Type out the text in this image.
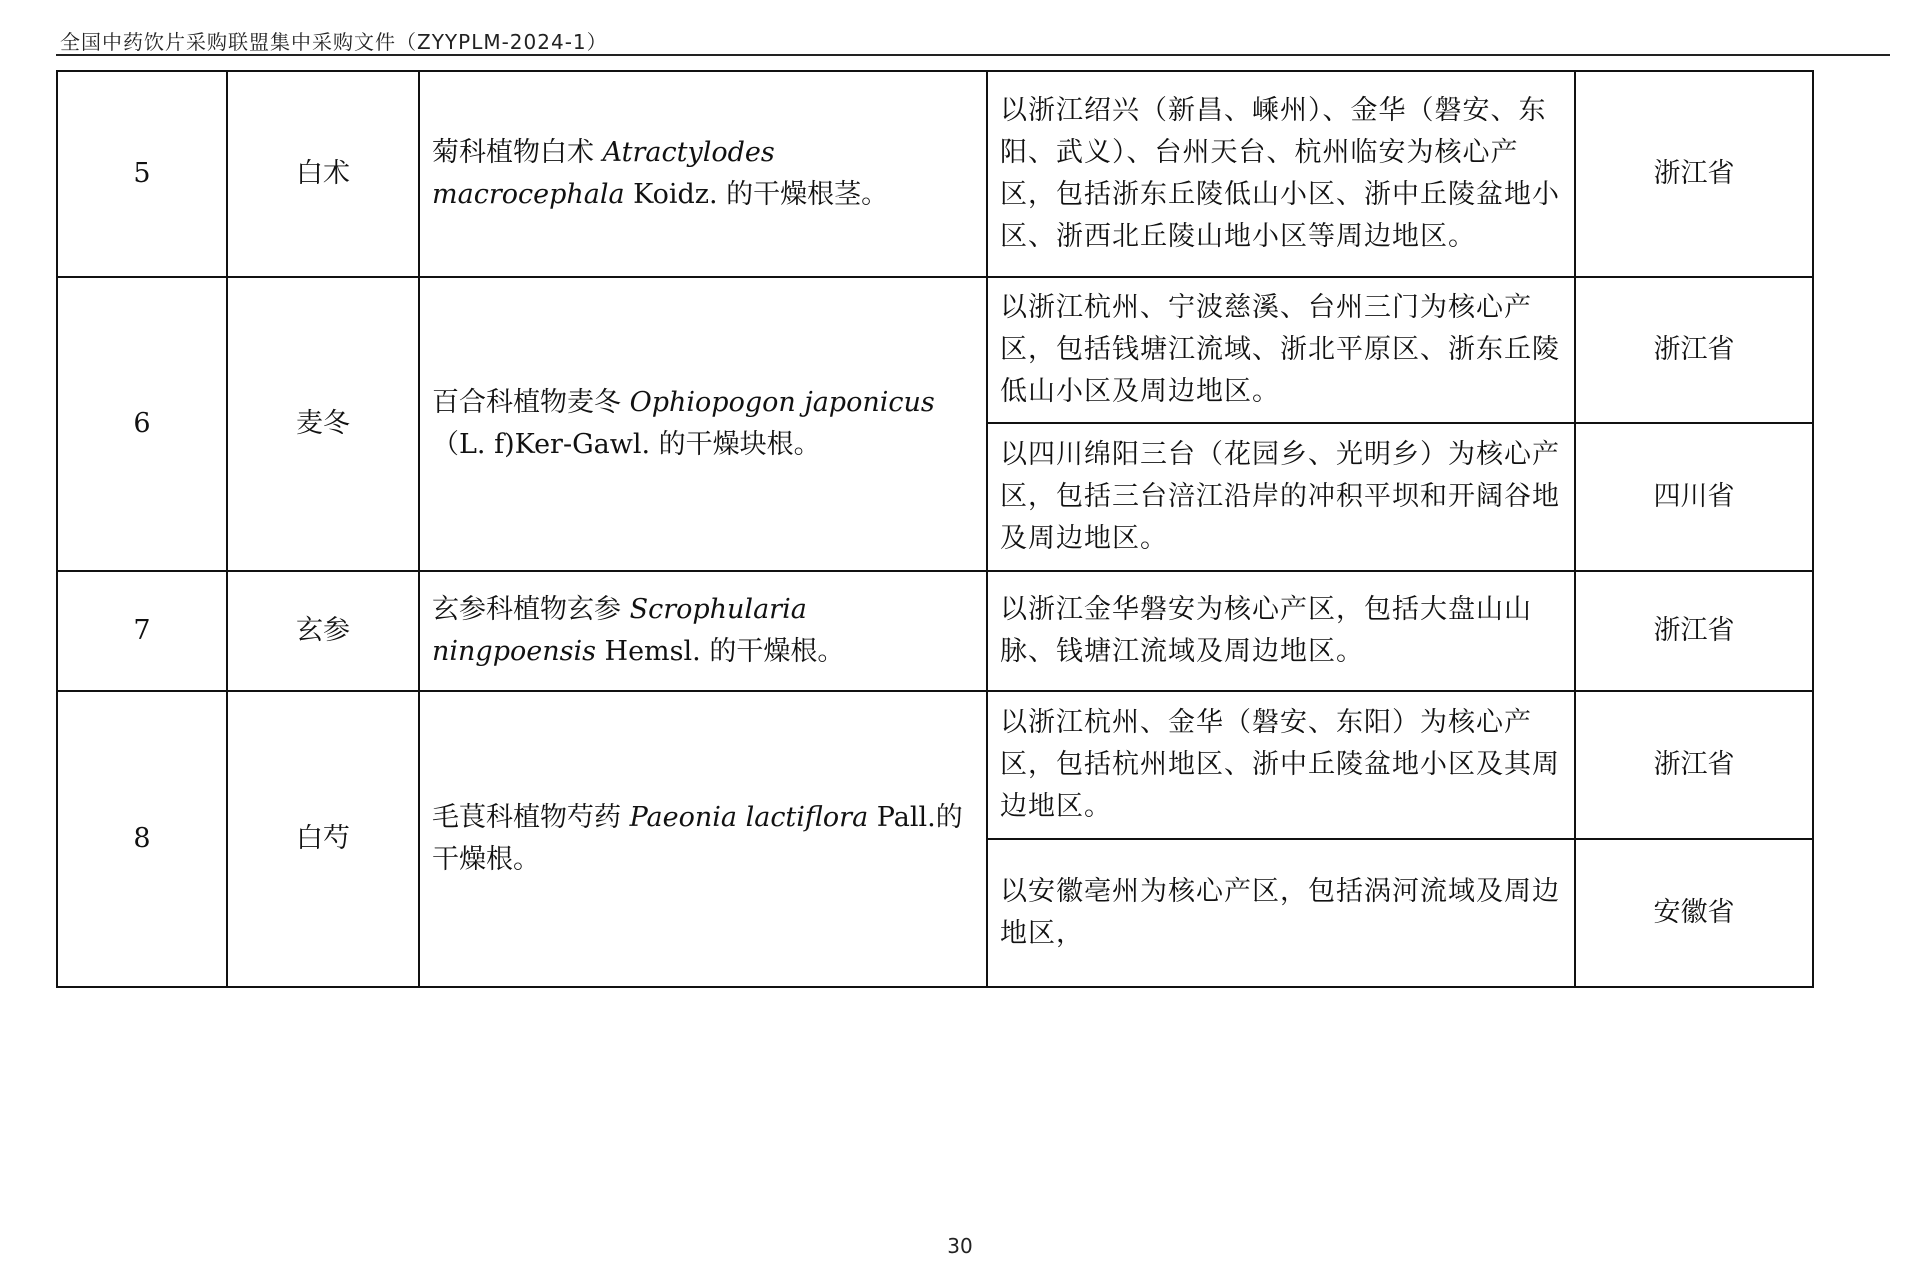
全国中药饮片采购联盟集中采购文件（ZYYPLM-2024-1）
5	白术	菊科植物白术 Atractylodes macrocephala Koidz. 的干燥根茎。	以浙江绍兴（新昌、嵊州）、金华（磐安、东阳、武义）、台州天台、杭州临安为核心产区，包括浙东丘陵低山小区、浙中丘陵盆地小区、浙西北丘陵山地小区等周边地区。	浙江省
6	麦冬	百合科植物麦冬 Ophiopogon japonicus（L. f)Ker-Gawl. 的干燥块根。	以浙江杭州、宁波慈溪、台州三门为核心产区，包括钱塘江流域、浙北平原区、浙东丘陵低山小区及周边地区。	浙江省
			以四川绵阳三台（花园乡、光明乡）为核心产区，包括三台涪江沿岸的冲积平坝和开阔谷地及周边地区。	四川省
7	玄参	玄参科植物玄参 Scrophularia ningpoensis Hemsl. 的干燥根。	以浙江金华磐安为核心产区，包括大盘山山脉、钱塘江流域及周边地区。	浙江省
8	白芍	毛茛科植物芍药 Paeonia lactiflora Pall.的干燥根。	以浙江杭州、金华（磐安、东阳）为核心产区，包括杭州地区、浙中丘陵盆地小区及其周边地区。	浙江省
			以安徽亳州为核心产区，包括涡河流域及周边地区，	安徽省
30
